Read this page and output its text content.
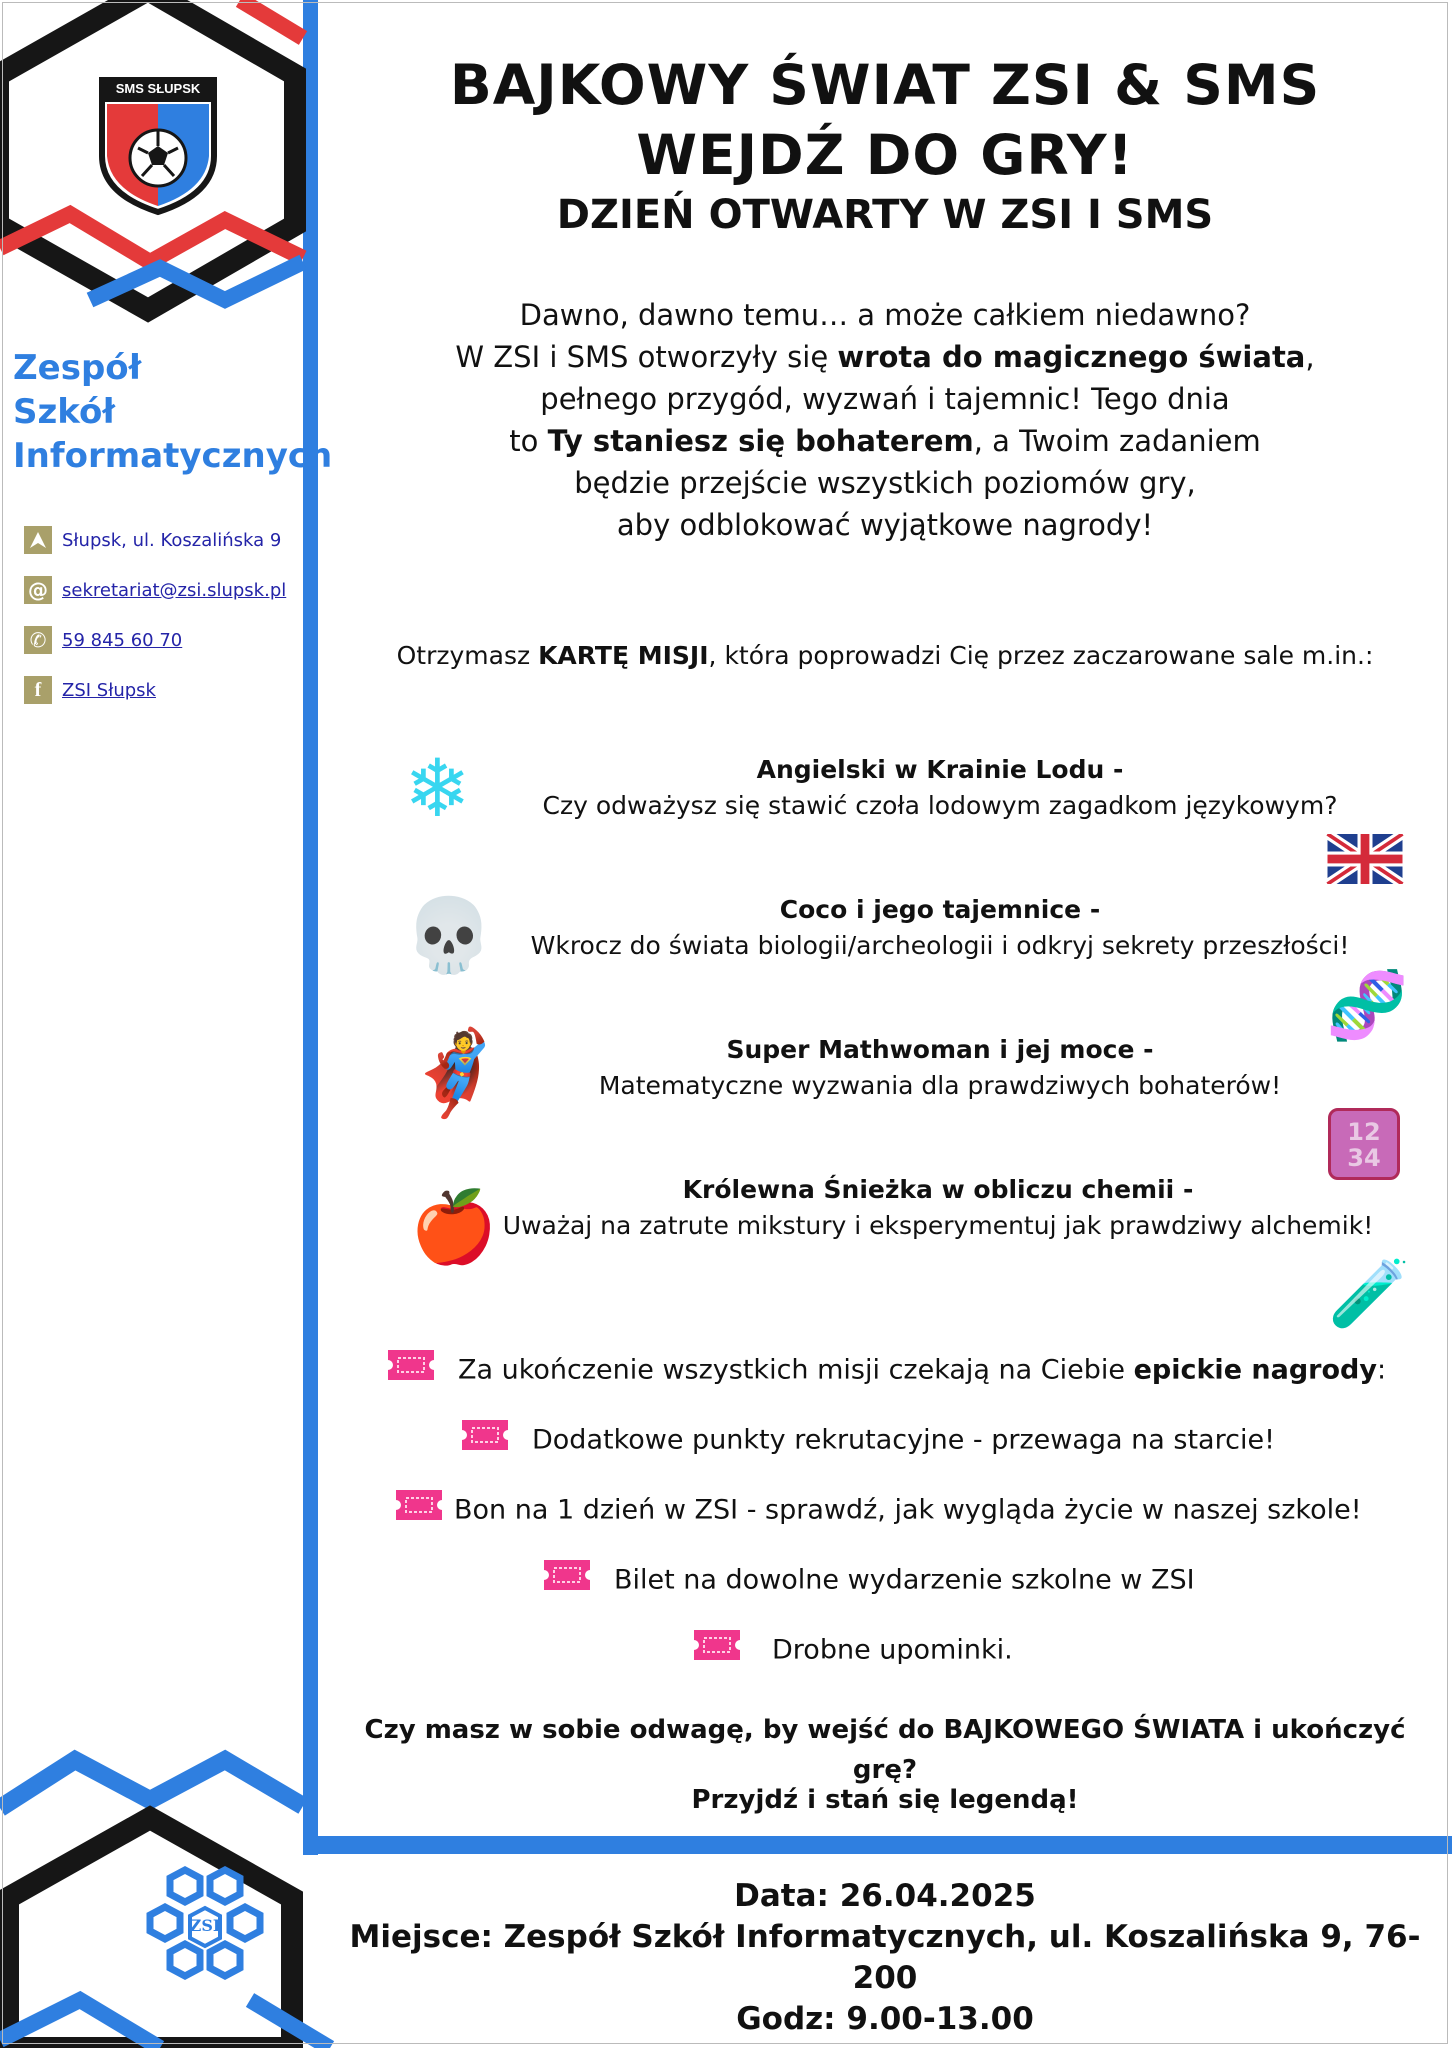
SMS SŁUPSK
Zespół
Szkół
Informatycznych
Słupsk, ul. Koszalińska 9
@ sekretariat@zsi.slupsk.pl
✆ 59 845 60 70
f	ZSI Słupsk
ZSI
BAJKOWY ŚWIAT ZSI & SMS
WEJDŹ DO GRY!
DZIEŃ OTWARTY W ZSI I SMS
Dawno, dawno temu… a może całkiem niedawno?
W ZSI i SMS otworzyły się wrota do magicznego świata,
pełnego przygód, wyzwań i tajemnic! Tego dnia
to Ty staniesz się bohaterem, a Twoim zadaniem
będzie przejście wszystkich poziomów gry,
aby odblokować wyjątkowe nagrody!
Otrzymasz KARTĘ MISJI, która poprowadzi Cię przez zaczarowane sale m.in.:
Angielski w Krainie Lodu -
Czy odważysz się stawić czoła lodowym zagadkom językowym?
Coco i jego tajemnice -
Wkrocz do świata biologii/archeologii i odkryj sekrety przeszłości!
Super Mathwoman i jej moce -
Matematyczne wyzwania dla prawdziwych bohaterów!
Królewna Śnieżka w obliczu chemii -
Uważaj na zatrute mikstury i eksperymentuj jak prawdziwy alchemik!
❄
💀
🧬
🦸
12
34
🍎
🧪
Za ukończenie wszystkich misji czekają na Ciebie epickie nagrody:
Dodatkowe punkty rekrutacyjne - przewaga na starcie!
Bon na 1 dzień w ZSI - sprawdź, jak wygląda życie w naszej szkole!
Bilet na dowolne wydarzenie szkolne w ZSI
Drobne upominki.
Czy masz w sobie odwagę, by wejść do BAJKOWEGO ŚWIATA i ukończyć grę?
Przyjdź i stań się legendą!
Data: 26.04.2025
Miejsce: Zespół Szkół Informatycznych, ul. Koszalińska 9, 76-200
Godz: 9.00-13.00
